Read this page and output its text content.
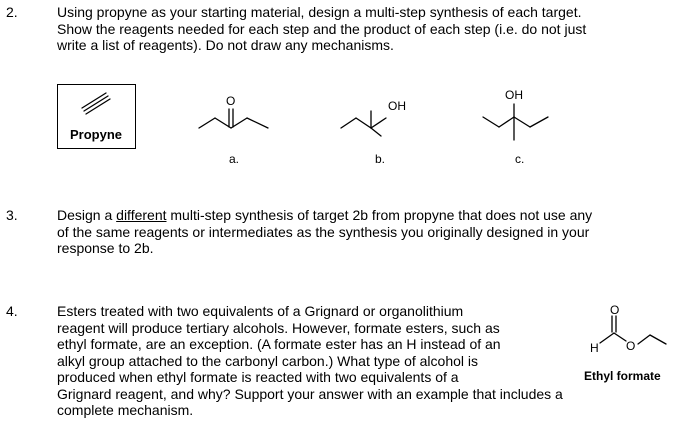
2.	Using propyne as your starting material, design a multi-step synthesis of each target.
Show the reagents needed for each step and the product of each step (i.e. do not just
write a list of reagents). Do not draw any mechanisms.
Propyne
O
a.
OH
b.
OH
c.
3.	Design a different multi-step synthesis of target 2b from propyne that does not use any
of the same reagents or intermediates as the synthesis you originally designed in your
response to 2b.
4.	Esters treated with two equivalents of a Grignard or organolithium
reagent will produce tertiary alcohols. However, formate esters, such as
ethyl formate, are an exception. (A formate ester has an H instead of an
alkyl group attached to the carbonyl carbon.) What type of alcohol is
produced when ethyl formate is reacted with two equivalents of a
Grignard reagent, and why? Support your answer with an example that includes a
complete mechanism.
O
H O
Ethyl formate
